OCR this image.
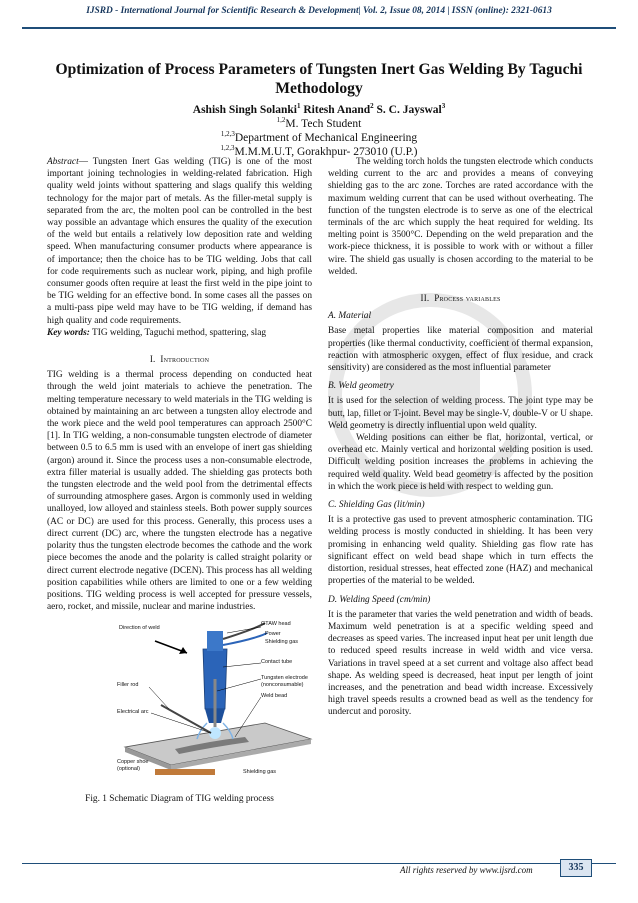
IJSRD - International Journal for Scientific Research & Development| Vol. 2, Issue 08, 2014 | ISSN (online): 2321-0613
Optimization of Process Parameters of Tungsten Inert Gas Welding By Taguchi Methodology
Ashish Singh Solanki$^1$ Ritesh Anand$^2$ S. C. Jayswal$^3$
$^{1,2}$M. Tech Student
$^{1,2,3}$Department of Mechanical Engineering
$^{1,2,3}$M.M.M.U.T, Gorakhpur- 273010 (U.P.)

Abstract— Tungsten Inert Gas welding (TIG) is one of the most important joining technologies in welding-related fabrication. High quality weld joints without spattering and slags qualify this welding technology for the major part of metals. As the filler-metal supply is separated from the arc, the molten pool can be controlled in the best way possible an advantage which ensures the quality of the execution of the weld but entails a relatively low deposition rate and welding speed. When manufacturing consumer products where appearance is of importance; then the choice has to be TIG welding. Jobs that call for code requirements such as nuclear work, piping, and high profile consumer goods often require at least the first weld in the pipe joint to be TIG welding for an effective bond. In some cases all the passes on a multi-pass pipe weld may have to be TIG welding, if demand has high quality and code requirements.

Key words: TIG welding, Taguchi method, spattering, slag

I. Introduction

TIG welding is a thermal process depending on conducted heat through the weld joint materials to achieve the penetration. The melting temperature necessary to weld materials in the TIG welding is obtained by maintaining an arc between a tungsten alloy electrode and the work piece and the weld pool temperatures can approach 2500°C [1]. In TIG welding, a non-consumable tungsten electrode of diameter between 0.5 to 6.5 mm is used with an envelope of inert gas shielding (argon) around it. Since the process uses a non-consumable electrode, extra filler material is usually added. The shielding gas protects both the tungsten electrode and the weld pool from the detrimental effects of surrounding atmosphere gases. Argon is commonly used in welding unalloyed, low alloyed and stainless steels. Both power supply sources (AC or DC) are used for this process. Generally, this process uses a direct current (DC) arc, where the tungsten electrode has a negative polarity thus the tungsten electrode becomes the cathode and the work piece becomes the anode and the polarity is called straight polarity or direct current electrode negative (DCEN). This process has all welding position capabilities while others are limited to one or a few welding positions. TIG welding process is well accepted for pressure vessels, aero, rocket, and missile, nuclear and marine industries.

Direction of weld
GTAW head
Power
Shielding gas
Contact tube
Filler rod
Tungsten electrode
(nonconsumable)
Electrical arc
Weld bead
Copper shoe
(optional)	Shielding gas
Fig. 1 Schematic Diagram of TIG welding process

The welding torch holds the tungsten electrode which conducts welding current to the arc and provides a means of conveying shielding gas to the arc zone. Torches are rated accordance with the maximum welding current that can be used without overheating. The function of the tungsten electrode is to serve as one of the electrical terminals of the arc which supply the heat required for welding. Its melting point is 3500°C. Depending on the weld preparation and the work-piece thickness, it is possible to work with or without a filler wire. The shield gas usually is chosen according to the material to be welded.

II. Process variables
A. Material

Base metal properties like material composition and material properties (like thermal conductivity, coefficient of thermal expansion, reaction with atmospheric oxygen, effect of flux residue, and crack sensitivity) are considered as the most influential parameter

B. Weld geometry

It is used for the selection of welding process. The joint type may be butt, lap, fillet or T-joint. Bevel may be single-V, double-V or U shape. Weld geometry is directly influential upon weld quality.

Welding positions can either be flat, horizontal, vertical, or overhead etc. Mainly vertical and horizontal welding position is used. Difficult welding position increases the problems in achieving the required weld quality. Weld bead geometry is affected by the position in which the work piece is held with respect to welding gun.

C. Shielding Gas (lit/min)

It is a protective gas used to prevent atmospheric contamination. TIG welding process is mostly conducted in shielding. It has been very promising in enhancing weld quality. Shielding gas flow rate has significant effect on weld bead shape which in turn effects the distortion, residual stresses, heat effected zone (HAZ) and mechanical properties of the material to be welded.

D. Welding Speed (cm/min)

It is the parameter that varies the weld penetration and width of beads. Maximum weld penetration is at a specific welding speed and decreases as speed varies. The increased input heat per unit length due to reduced speed results increase in weld width and vice versa. Variations in travel speed at a set current and voltage also affect bead shape. As welding speed is decreased, heat input per length of joint increases, and the penetration and bead width increase. Excessively high travel speeds results a crowned bead as well as the tendency for undercut and porosity.

All rights reserved by www.ijsrd.com	335
